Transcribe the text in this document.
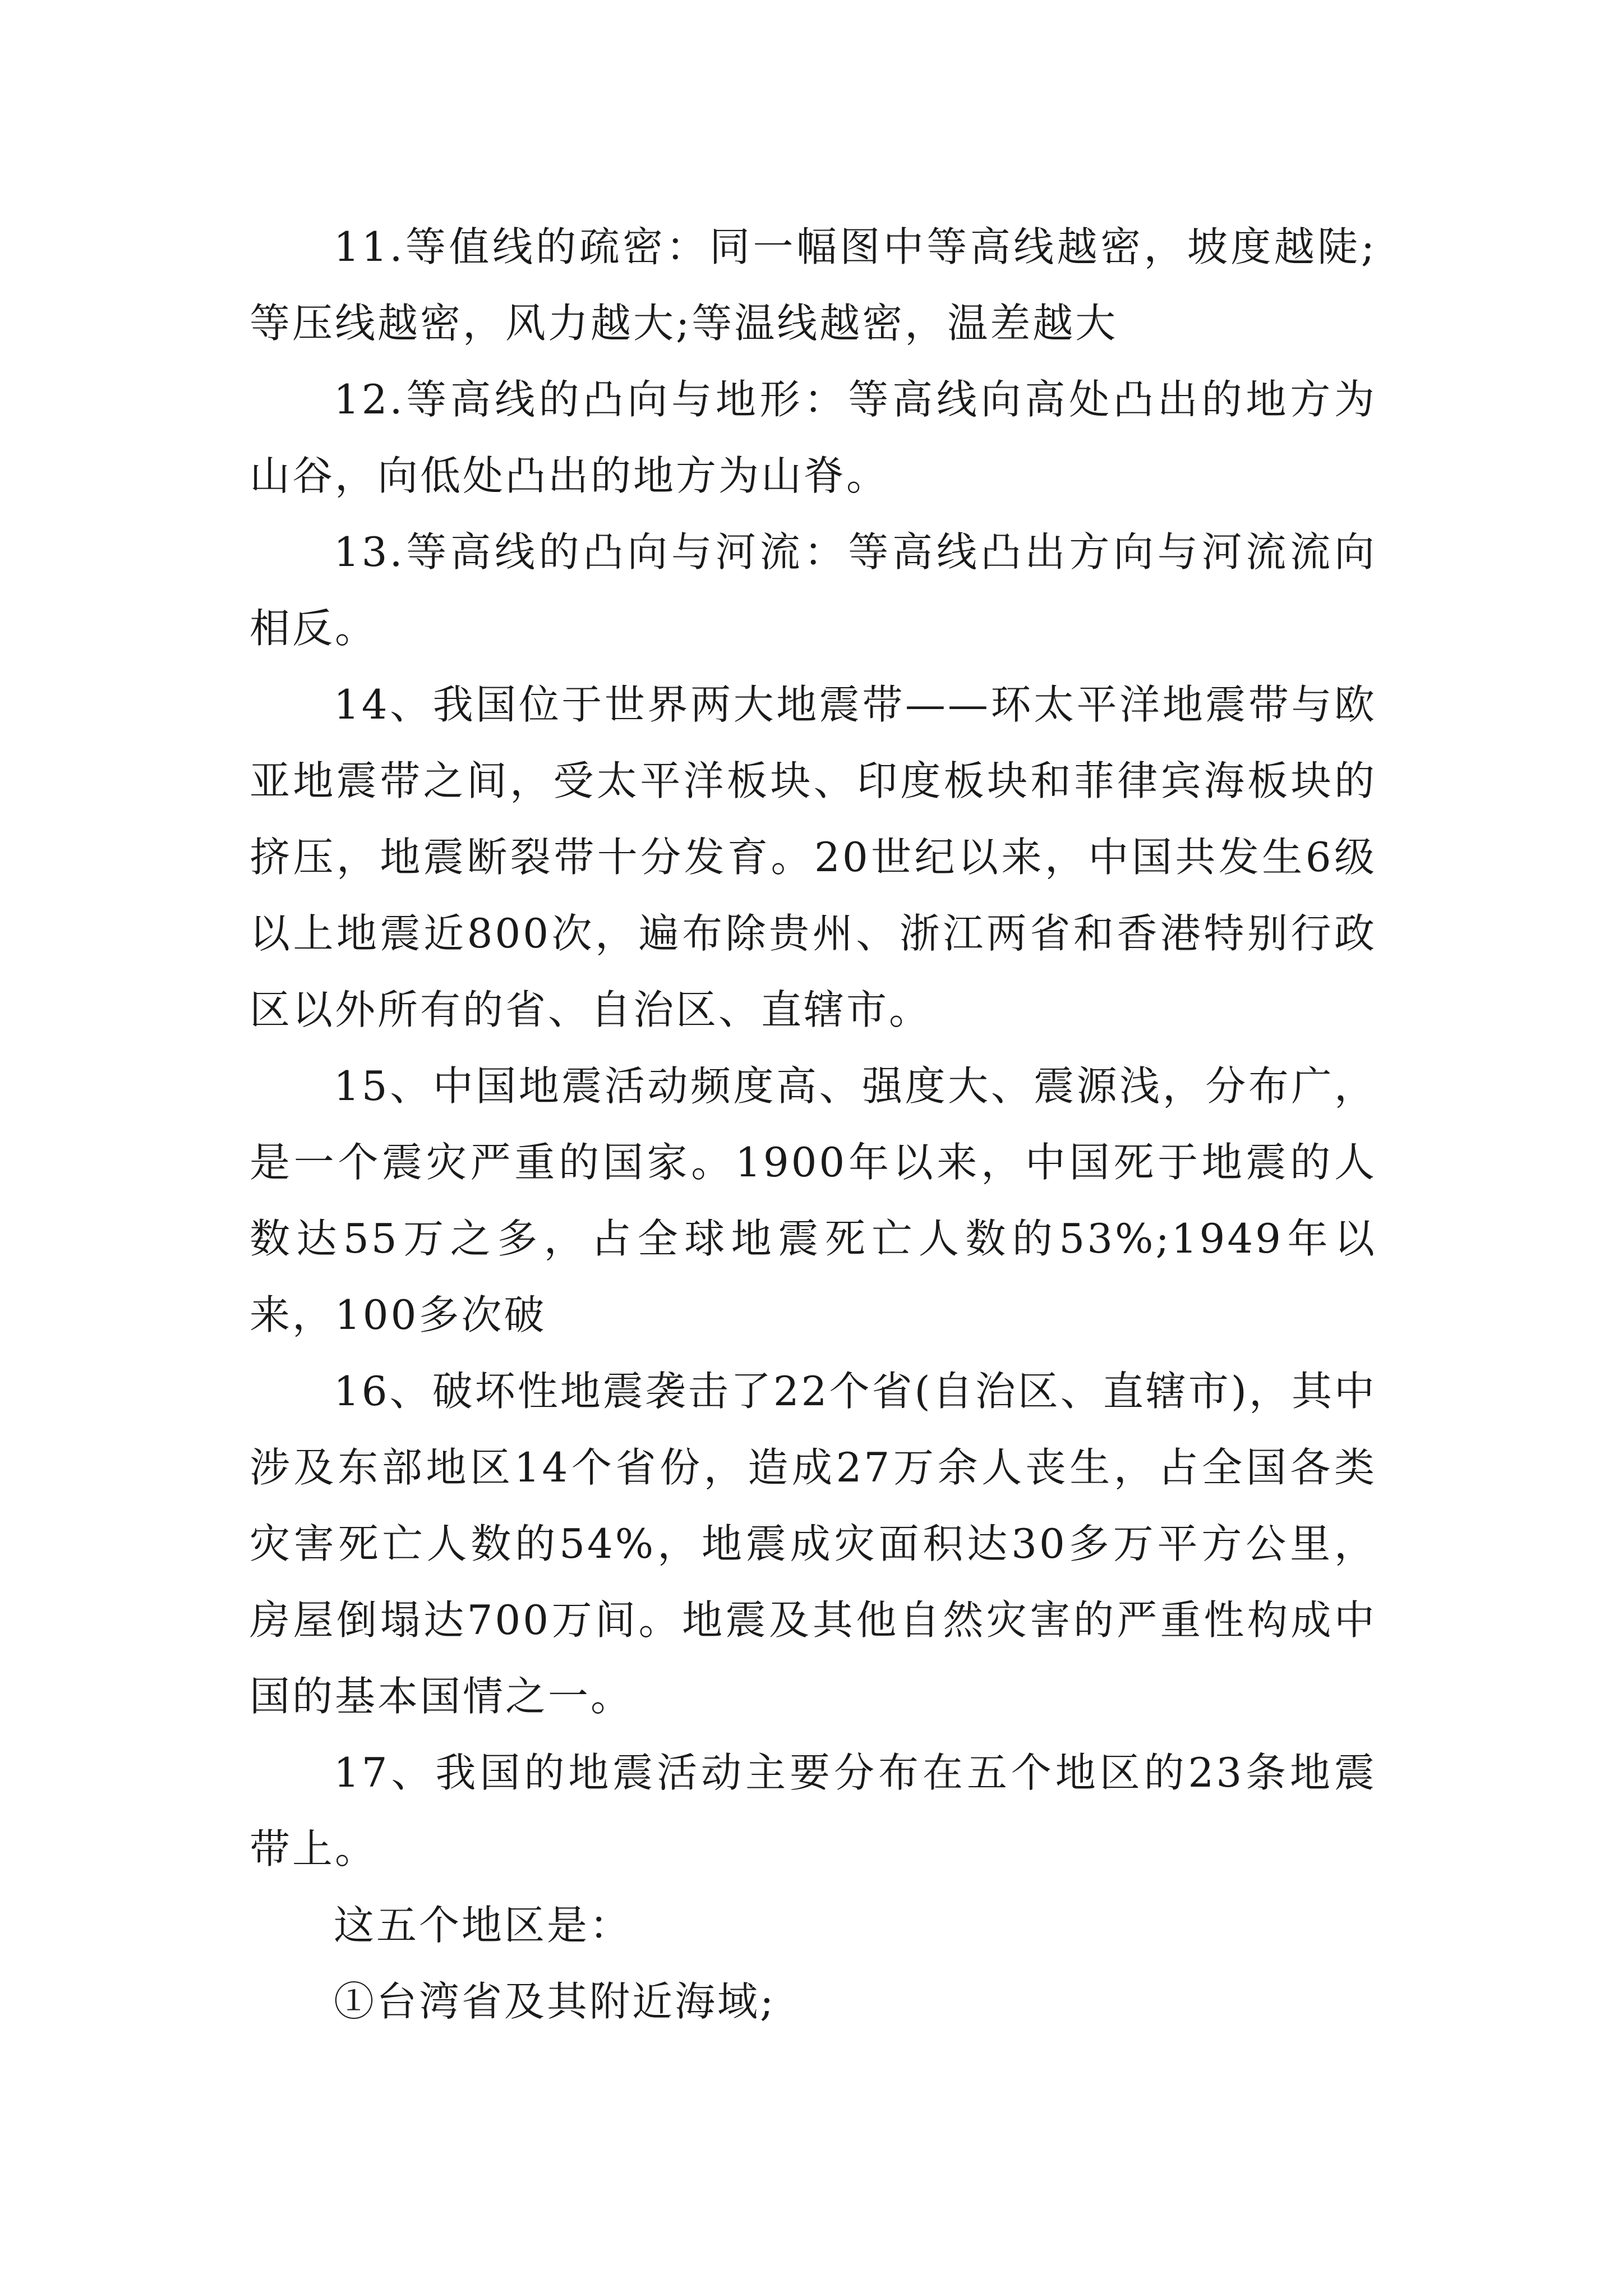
11.等值线的疏密：同一幅图中等高线越密，坡度越陡;等压线越密，风力越大;等温线越密，温差越大

12.等高线的凸向与地形：等高线向高处凸出的地方为山谷，向低处凸出的地方为山脊。

13.等高线的凸向与河流：等高线凸出方向与河流流向相反。

14、我国位于世界两大地震带——环太平洋地震带与欧亚地震带之间，受太平洋板块、印度板块和菲律宾海板块的挤压，地震断裂带十分发育。20世纪以来，中国共发生6级以上地震近800次，遍布除贵州、浙江两省和香港特别行政区以外所有的省、自治区、直辖市。

15、中国地震活动频度高、强度大、震源浅，分布广，是一个震灾严重的国家。1900年以来，中国死于地震的人数达55万之多，占全球地震死亡人数的53%;1949年以来，100多次破

16、破坏性地震袭击了22个省(自治区、直辖市)，其中涉及东部地区14个省份，造成27万余人丧生，占全国各类灾害死亡人数的54%，地震成灾面积达30多万平方公里，房屋倒塌达700万间。地震及其他自然灾害的严重性构成中国的基本国情之一。

17、我国的地震活动主要分布在五个地区的23条地震带上。

这五个地区是：

①台湾省及其附近海域;
